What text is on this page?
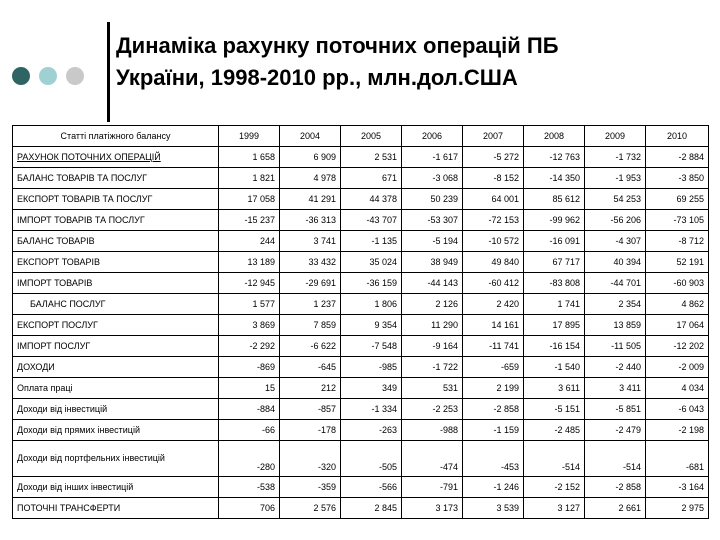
Динаміка рахунку поточних операцій ПБ
України, 1998-2010 рр., млн.дол.США
Статті платіжного балансу	1999	2004	2005	2006	2007	2008	2009	2010
РАХУНОК ПОТОЧНИХ ОПЕРАЦІЙ	1 658	6 909	2 531	-1 617	-5 272	-12 763	-1 732	-2 884
БАЛАНС ТОВАРІВ ТА ПОСЛУГ	1 821	4 978	671	-3 068	-8 152	-14 350	-1 953	-3 850
ЕКСПОРТ ТОВАРІВ ТА ПОСЛУГ	17 058	41 291	44 378	50 239	64 001	85 612	54 253	69 255
ІМПОРТ ТОВАРІВ ТА ПОСЛУГ	-15 237	-36 313	-43 707	-53 307	-72 153	-99 962	-56 206	-73 105
БАЛАНС ТОВАРІВ	244	3 741	-1 135	-5 194	-10 572	-16 091	-4 307	-8 712
ЕКСПОРТ ТОВАРІВ	13 189	33 432	35 024	38 949	49 840	67 717	40 394	52 191
ІМПОРТ ТОВАРІВ	-12 945	-29 691	-36 159	-44 143	-60 412	-83 808	-44 701	-60 903
БАЛАНС ПОСЛУГ	1 577	1 237	1 806	2 126	2 420	1 741	2 354	4 862
ЕКСПОРТ ПОСЛУГ	3 869	7 859	9 354	11 290	14 161	17 895	13 859	17 064
ІМПОРТ ПОСЛУГ	-2 292	-6 622	-7 548	-9 164	-11 741	-16 154	-11 505	-12 202
ДОХОДИ	-869	-645	-985	-1 722	-659	-1 540	-2 440	-2 009
Оплата праці	15	212	349	531	2 199	3 611	3 411	4 034
Доходи від інвестицій	-884	-857	-1 334	-2 253	-2 858	-5 151	-5 851	-6 043
Доходи від прямих інвестицій	-66	-178	-263	-988	-1 159	-2 485	-2 479	-2 198
Доходи від портфельних інвестицій	-280	-320	-505	-474	-453	-514	-514	-681
Доходи від інших інвестицій	-538	-359	-566	-791	-1 246	-2 152	-2 858	-3 164
ПОТОЧНІ ТРАНСФЕРТИ	706	2 576	2 845	3 173	3 539	3 127	2 661	2 975
